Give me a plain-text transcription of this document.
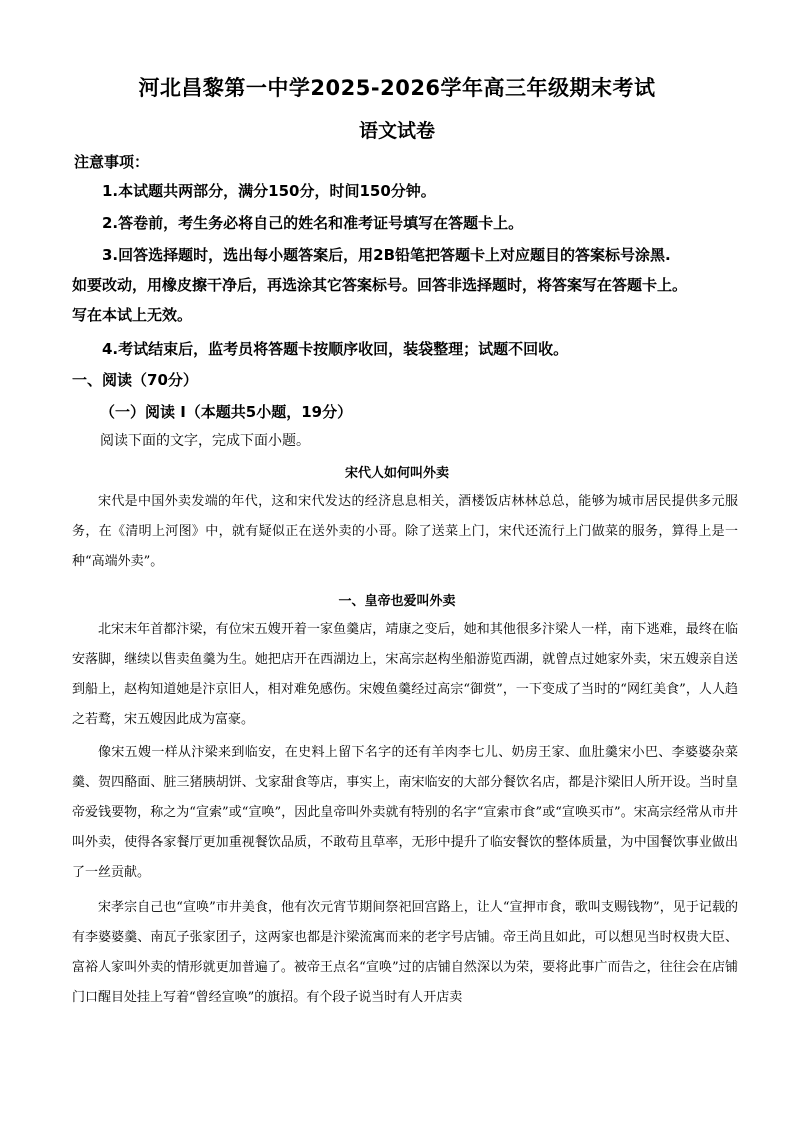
河北昌黎第一中学2025-2026学年高三年级期末考试
语文试卷
注意事项：
1.本试题共两部分，满分150分，时间150分钟。
2.答卷前，考生务必将自己的姓名和准考证号填写在答题卡上。
3.回答选择题时，选出每小题答案后，用2B铅笔把答题卡上对应题目的答案标号涂黑.
如要改动，用橡皮擦干净后，再选涂其它答案标号。回答非选择题时，将答案写在答题卡上。
写在本试上无效。
4.考试结束后，监考员将答题卡按顺序收回，装袋整理；试题不回收。
一、阅读（70分）
（一）阅读 I（本题共5小题，19分）
阅读下面的文字，完成下面小题。
宋代人如何叫外卖
宋代是中国外卖发端的年代，这和宋代发达的经济息息相关，酒楼饭店林林总总，能够为城市居民提供多元服务，在《清明上河图》中，就有疑似正在送外卖的小哥。除了送菜上门，宋代还流行上门做菜的服务，算得上是一种“高端外卖”。
一、皇帝也爱叫外卖
北宋末年首都汴梁，有位宋五嫂开着一家鱼羹店，靖康之变后，她和其他很多汴梁人一样，南下逃难，最终在临安落脚，继续以售卖鱼羹为生。她把店开在西湖边上，宋高宗赵构坐船游览西湖，就曾点过她家外卖，宋五嫂亲自送到船上，赵构知道她是汴京旧人，相对难免感伤。宋嫂鱼羹经过高宗“御赏”，一下变成了当时的“网红美食”，人人趋之若鹜，宋五嫂因此成为富豪。
像宋五嫂一样从汴梁来到临安，在史料上留下名字的还有羊肉李七儿、奶房王家、血肚羹宋小巴、李婆婆杂菜羹、贺四酪面、脏三猪胰胡饼、戈家甜食等店，事实上，南宋临安的大部分餐饮名店，都是汴梁旧人所开设。当时皇帝爱钱要物，称之为“宣索”或“宣唤”，因此皇帝叫外卖就有特别的名字“宣索市食”或“宣唤买市”。宋高宗经常从市井叫外卖，使得各家餐厅更加重视餐饮品质，不敢苟且草率，无形中提升了临安餐饮的整体质量，为中国餐饮事业做出了一丝贡献。
宋孝宗自己也“宣唤”市井美食，他有次元宵节期间祭祀回宫路上，让人“宣押市食，歌叫支赐钱物”，见于记载的有李婆婆羹、南瓦子张家团子，这两家也都是汴梁流寓而来的老字号店铺。帝王尚且如此，可以想见当时权贵大臣、富裕人家叫外卖的情形就更加普遍了。被帝王点名“宣唤”过的店铺自然深以为荣，要将此事广而告之，往往会在店铺门口醒目处挂上写着“曾经宣唤”的旗招。有个段子说当时有人开店卖
